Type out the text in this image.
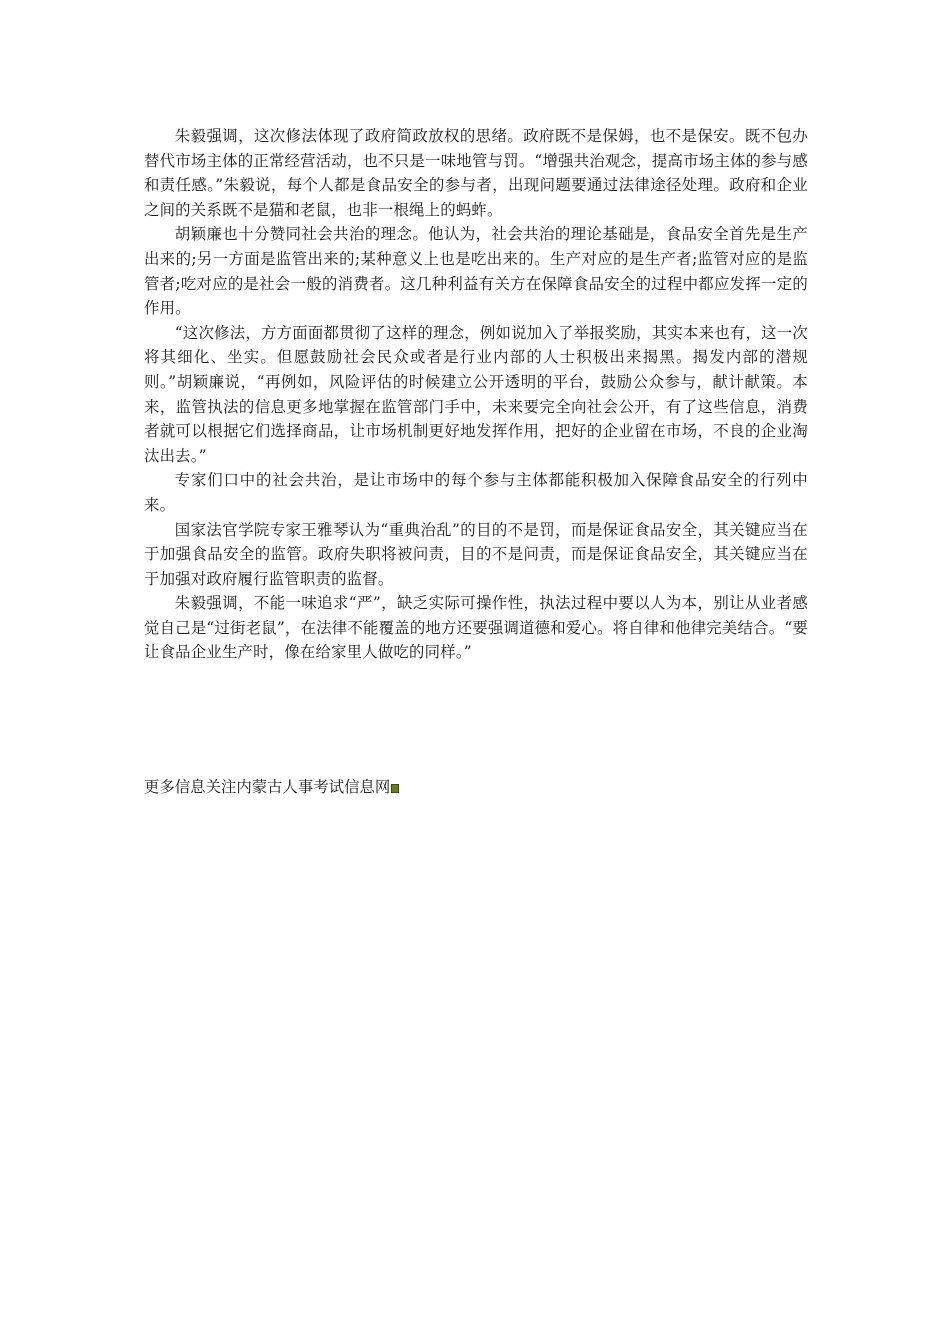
朱毅强调，这次修法体现了政府简政放权的思绪。政府既不是保姆，也不是保安。既不包办替代市场主体的正常经营活动，也不只是一味地管与罚。“增强共治观念，提高市场主体的参与感和责任感。”朱毅说，每个人都是食品安全的参与者，出现问题要通过法律途径处理。政府和企业之间的关系既不是猫和老鼠，也非一根绳上的蚂蚱。

胡颖廉也十分赞同社会共治的理念。他认为，社会共治的理论基础是，食品安全首先是生产出来的;另一方面是监管出来的;某种意义上也是吃出来的。生产对应的是生产者;监管对应的是监管者;吃对应的是社会一般的消费者。这几种利益有关方在保障食品安全的过程中都应发挥一定的作用。

“这次修法，方方面面都贯彻了这样的理念，例如说加入了举报奖励，其实本来也有，这一次将其细化、坐实。但愿鼓励社会民众或者是行业内部的人士积极出来揭黑。揭发内部的潜规则。”胡颖廉说，“再例如，风险评估的时候建立公开透明的平台，鼓励公众参与，献计献策。本来，监管执法的信息更多地掌握在监管部门手中，未来要完全向社会公开，有了这些信息，消费者就可以根据它们选择商品，让市场机制更好地发挥作用，把好的企业留在市场，不良的企业淘汰出去。”

专家们口中的社会共治，是让市场中的每个参与主体都能积极加入保障食品安全的行列中来。

国家法官学院专家王雅琴认为“重典治乱”的目的不是罚，而是保证食品安全，其关键应当在于加强食品安全的监管。政府失职将被问责，目的不是问责，而是保证食品安全，其关键应当在于加强对政府履行监管职责的监督。

朱毅强调，不能一味追求“严”，缺乏实际可操作性，执法过程中要以人为本，别让从业者感觉自己是“过街老鼠”，在法律不能覆盖的地方还要强调道德和爱心。将自律和他律完美结合。“要让食品企业生产时，像在给家里人做吃的同样。”

更多信息关注内蒙古人事考试信息网
